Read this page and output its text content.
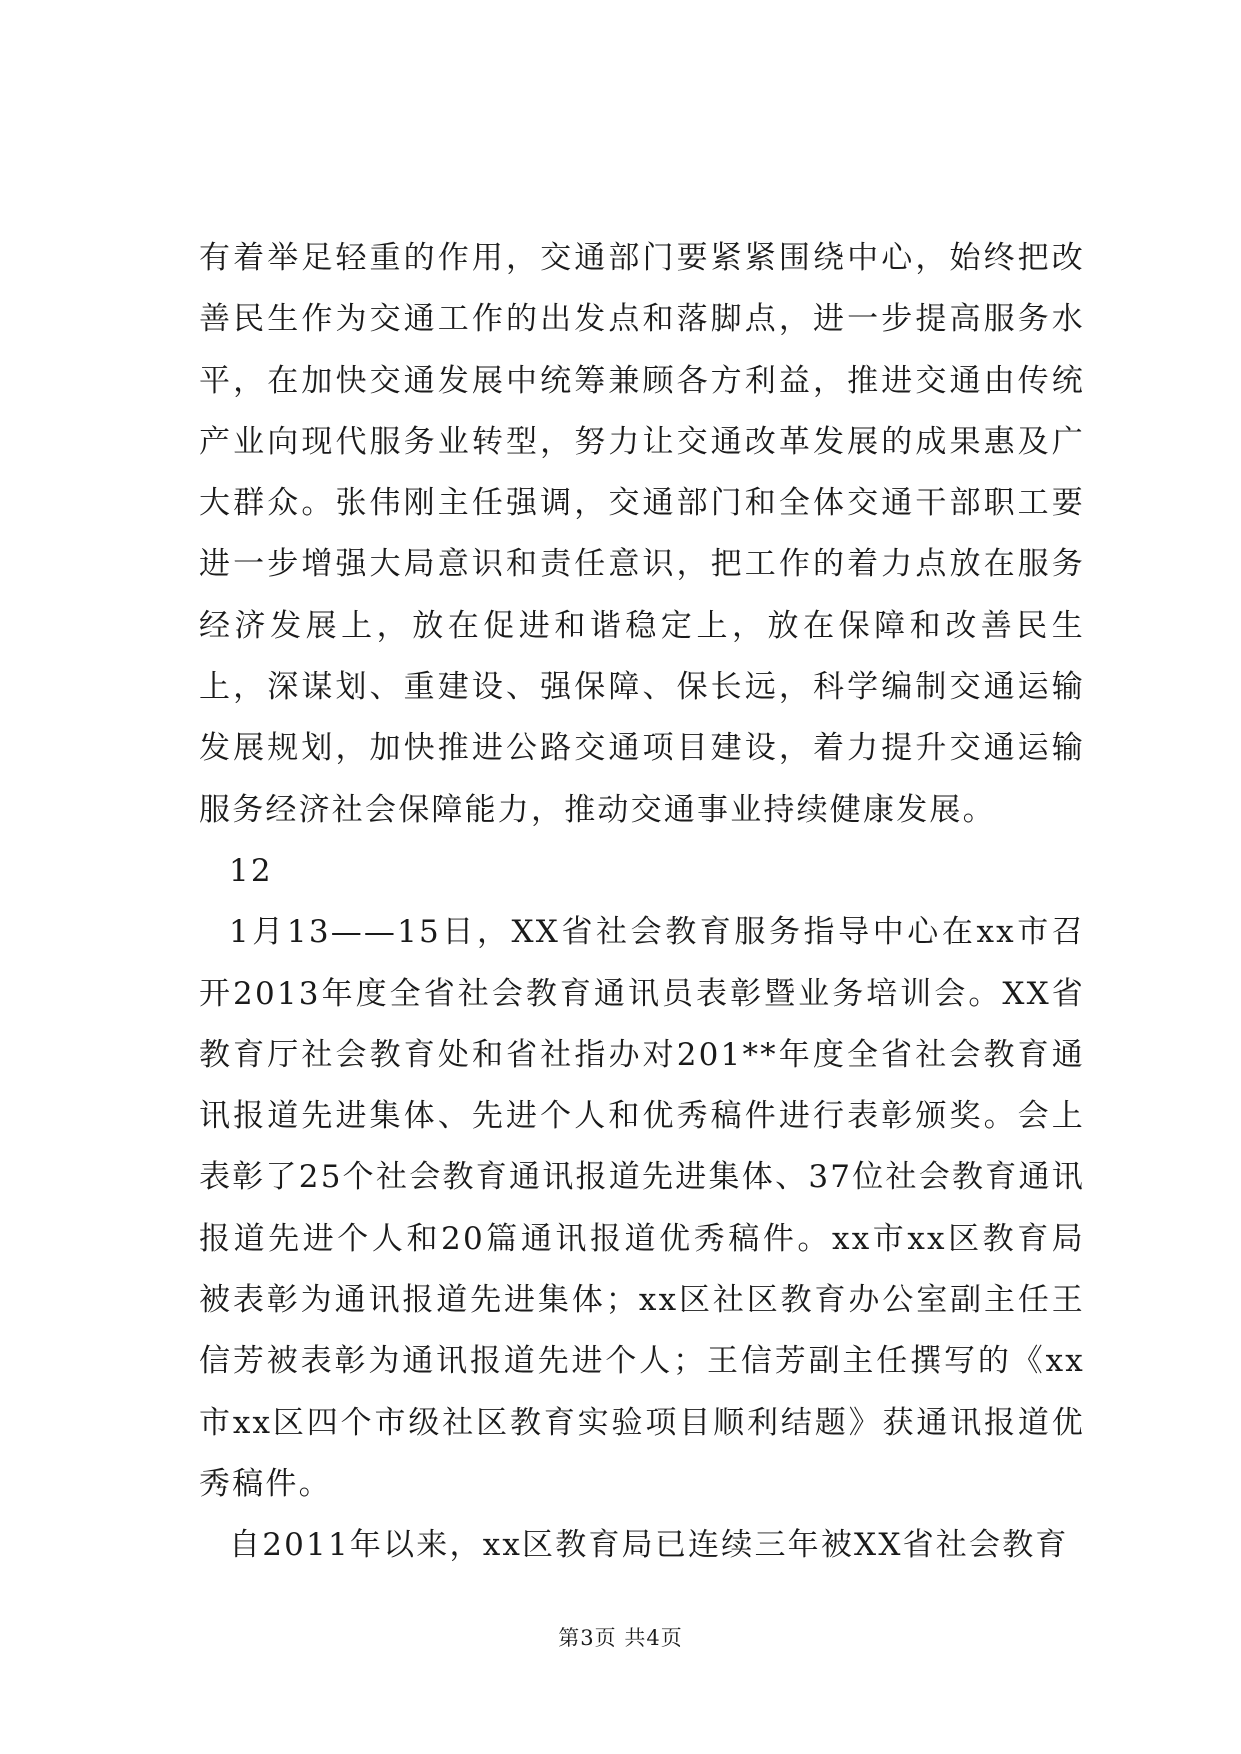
有着举足轻重的作用，交通部门要紧紧围绕中心，始终把改善民生作为交通工作的出发点和落脚点，进一步提高服务水平，在加快交通发展中统筹兼顾各方利益，推进交通由传统产业向现代服务业转型，努力让交通改革发展的成果惠及广大群众。张伟刚主任强调，交通部门和全体交通干部职工要进一步增强大局意识和责任意识，把工作的着力点放在服务经济发展上，放在促进和谐稳定上，放在保障和改善民生上，深谋划、重建设、强保障、保长远，科学编制交通运输发展规划，加快推进公路交通项目建设，着力提升交通运输服务经济社会保障能力，推动交通事业持续健康发展。

12

1月13——15日，XX省社会教育服务指导中心在xx市召开2013年度全省社会教育通讯员表彰暨业务培训会。XX省教育厅社会教育处和省社指办对201**年度全省社会教育通讯报道先进集体、先进个人和优秀稿件进行表彰颁奖。会上表彰了25个社会教育通讯报道先进集体、37位社会教育通讯报道先进个人和20篇通讯报道优秀稿件。xx市xx区教育局被表彰为通讯报道先进集体；xx区社区教育办公室副主任王信芳被表彰为通讯报道先进个人；王信芳副主任撰写的《xx市xx区四个市级社区教育实验项目顺利结题》获通讯报道优秀稿件。

自2011年以来，xx区教育局已连续三年被XX省社会教育

第3页 共4页
